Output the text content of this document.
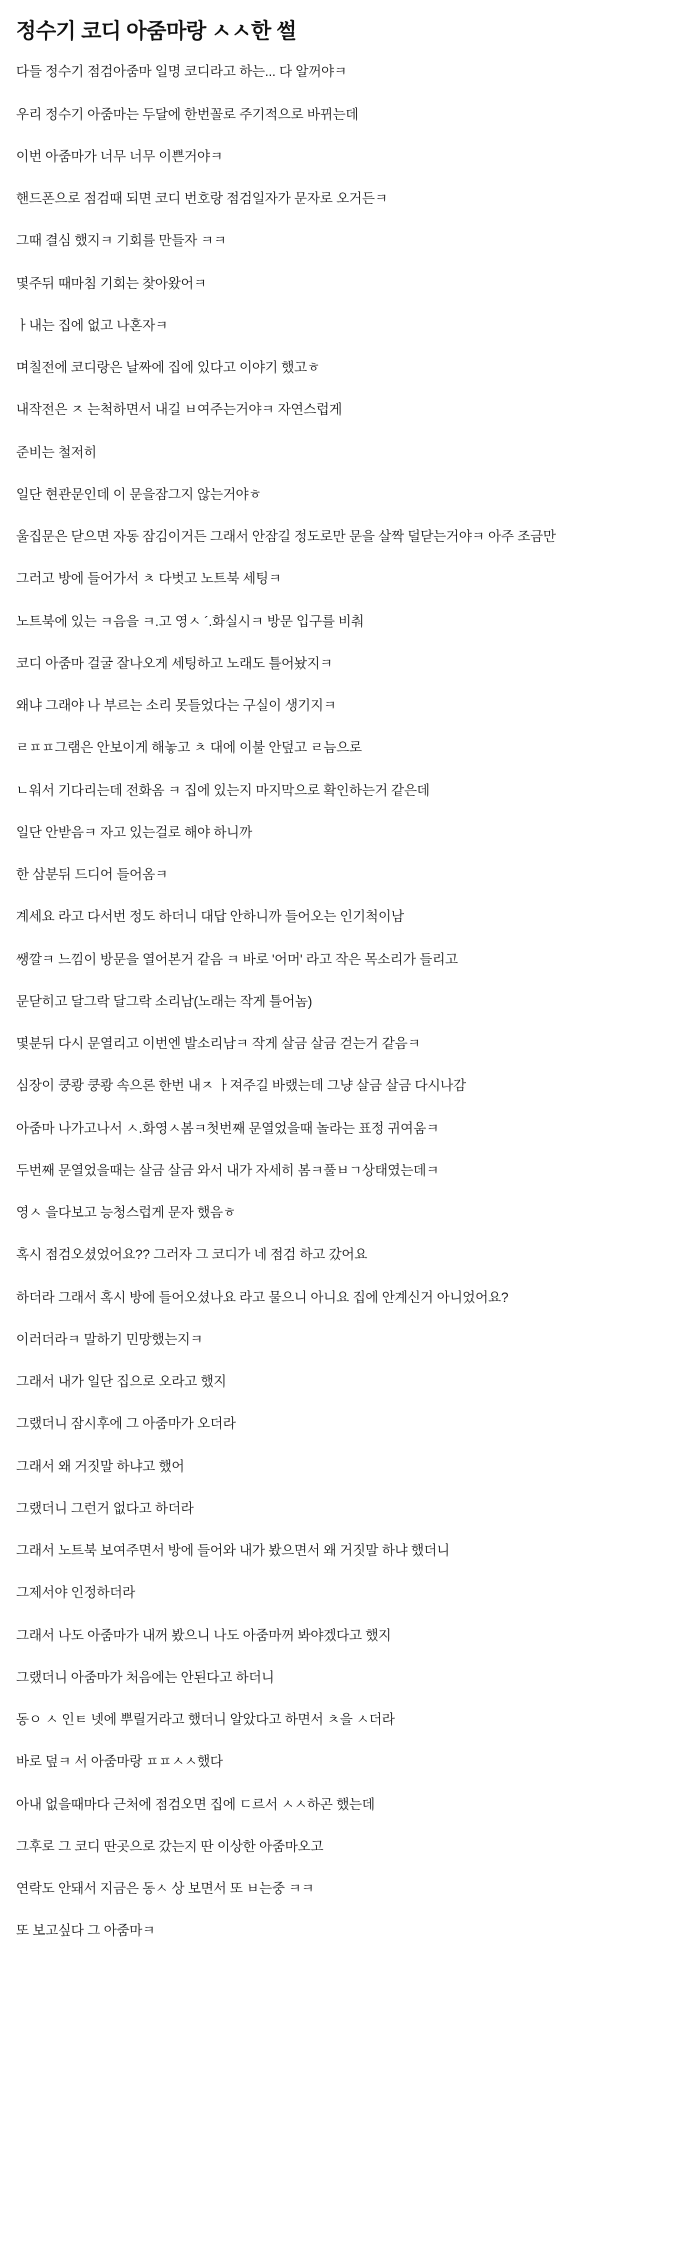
정수기 코디 아줌마랑 ㅅㅅ한 썰

다들 정수기 점검아줌마 일명 코디라고 하는... 다 알꺼야ㅋ

우리 정수기 아줌마는 두달에 한번꼴로 주기적으로 바뀌는데

이번 아줌마가 너무 너무 이쁜거야ㅋ

핸드폰으로 점검때 되면 코디 번호랑 점검일자가 문자로 오거든ㅋ

그때 결심 했지ㅋ 기회를 만들자 ㅋㅋ

몇주뒤 때마침 기회는 찾아왔어ㅋ

ㅏ내는 집에 없고 나혼자ㅋ

며칠전에 코디랑은 날짜에 집에 있다고 이야기 했고ㅎ

내작전은 ㅈ 는척하면서 내길 ㅂ여주는거야ㅋ 자연스럽게

준비는 철저히

일단 현관문인데 이 문을잠그지 않는거야ㅎ

울집문은 닫으면 자동 잠김이거든 그래서 안잠길 정도로만 문을 살짝 덜닫는거야ㅋ 아주 조금만

그러고 방에 들어가서 ㅊ 다벗고 노트북 세팅ㅋ

노트북에 있는 ㅋ음을 ㅋ.고 영ㅅ ´.화실시ㅋ 방문 입구를 비춰

코디 아줌마 걸굴 잘나오게 세팅하고 노래도 틀어놨지ㅋ

왜냐 그래야 나 부르는 소리 못들었다는 구실이 생기지ㅋ

ㄹㅍㅍ그램은 안보이게 해놓고 ㅊ 대에 이불 안덮고 ㄹ늠으로

ㄴ워서 기다리는데 전화옴 ㅋ 집에 있는지 마지막으로 확인하는거 같은데

일단 안받음ㅋ 자고 있는걸로 해야 하니까

한 삼분뒤 드디어 들어옴ㅋ

계세요 라고 다서번 정도 하더니 대답 안하니까 들어오는 인기척이남

쌩깔ㅋ 느낌이 방문을 열어본거 같음 ㅋ 바로 '어머' 라고 작은 목소리가 들리고

문닫히고 달그락 달그락 소리남(노래는 작게 틀어놈)

몇분뒤 다시 문열리고 이번엔 발소리남ㅋ 작게 살금 살금 걷는거 같음ㅋ

심장이 쿵쾅 쿵쾅 속으론 한번 내ㅈ ㅏ져주길 바랬는데 그냥 살금 살금 다시나감

아줌마 나가고나서 ㅅ.화영ㅅ봄ㅋ첫번째 문열었을때 놀라는 표정 귀여움ㅋ

두번째 문열었을때는 살금 살금 와서 내가 자세히 봄ㅋ풀ㅂㄱ상태였는데ㅋ

영ㅅ 을다보고 능청스럽게 문자 했음ㅎ

혹시 점검오셨었어요?? 그러자 그 코디가 네 점검 하고 갔어요

하더라 그래서 혹시 방에 들어오셨나요 라고 물으니 아니요 집에 안계신거 아니었어요?

이러더라ㅋ 말하기 민망했는지ㅋ

그래서 내가 일단 집으로 오라고 했지

그랬더니 잠시후에 그 아줌마가 오더라

그래서 왜 거짓말 하냐고 했어

그랬더니 그런거 없다고 하더라

그래서 노트북 보여주면서 방에 들어와 내가 봤으면서 왜 거짓말 하냐 했더니

그제서야 인정하더라

그래서 나도 아줌마가 내꺼 봤으니 나도 아줌마꺼 봐야겠다고 했지

그랬더니 아줌마가 처음에는 안된다고 하더니

동ㅇ ㅅ 인ㅌ 넷에 뿌릴거라고 했더니 알았다고 하면서 ㅊ을 ㅅ더라

바로 덮ㅋ 서 아줌마랑 ㅍㅍㅅㅅ했다

아내 없을때마다 근처에 점검오면 집에 ㄷ르서 ㅅㅅ하곤 했는데

그후로 그 코디 딴곳으로 갔는지 딴 이상한 아줌마오고

연락도 안돼서 지금은 동ㅅ 상 보면서 또 ㅂ는중 ㅋㅋ

또 보고싶다 그 아줌마ㅋ
